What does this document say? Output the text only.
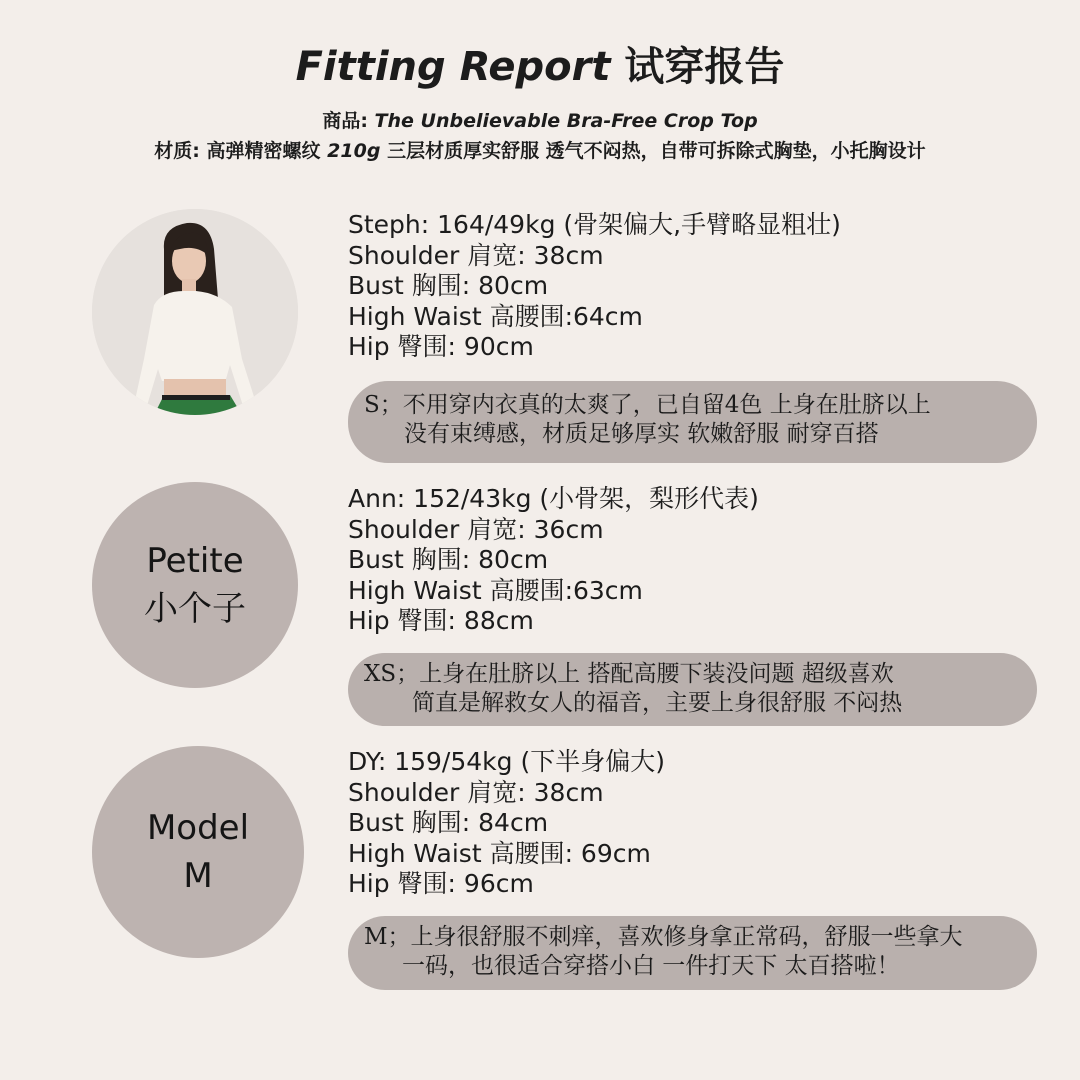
Fitting Report 试穿报告
商品: The Unbelievable Bra-Free Crop Top
材质: 高弹精密螺纹 210g 三层材质厚实舒服 透气不闷热，自带可拆除式胸垫，小托胸设计
Steph: 164/49kg (骨架偏大,手臂略显粗壮)
Shoulder 肩宽: 38cm
Bust 胸围: 80cm
High Waist 高腰围:64cm
Hip 臀围: 90cm
S；不用穿内衣真的太爽了，已自留4色 上身在肚脐以上
没有束缚感，材质足够厚实 软嫩舒服 耐穿百搭
Petite
小个子
Ann: 152/43kg (小骨架，梨形代表)
Shoulder 肩宽: 36cm
Bust 胸围: 80cm
High Waist 高腰围:63cm
Hip 臀围: 88cm
XS；上身在肚脐以上 搭配高腰下装没问题 超级喜欢
简直是解救女人的福音，主要上身很舒服 不闷热
Model
M
DY: 159/54kg (下半身偏大)
Shoulder 肩宽: 38cm
Bust 胸围: 84cm
High Waist 高腰围: 69cm
Hip 臀围: 96cm
M；上身很舒服不刺痒，喜欢修身拿正常码，舒服一些拿大
一码，也很适合穿搭小白 一件打天下 太百搭啦！
